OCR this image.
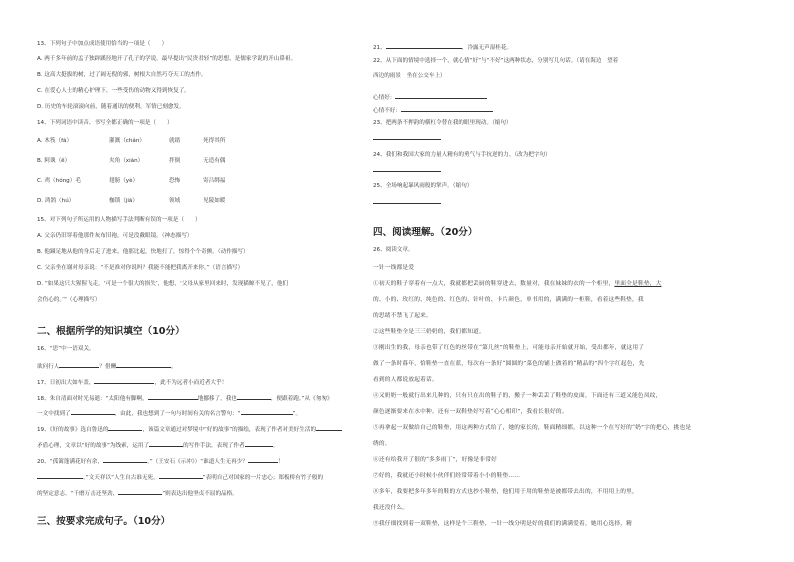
13、下列句子中加点成语使用恰当的一项是（　　）
A. 两千多年前的孟子独辟蹊径地开了孔子的学说，最早提出“民贵君轻”的思想，是儒家学说的开山鼻祖。
B. 这高大挺拔的树，过了阔无倪的邪，树根大自然巧夺天工的杰作。
C. 在爱心人士的精心护理下，一些受伤的动物又得到恢复了。
D. 历史的车轮滚滚向前，随着通讯的便利，军情已刻愈发。
14、下列词语中读音、书写全都正确的一项是（　　）
A. 木筏（fá）	灌溉（chán）	就绪	死得其所
B. 阿谀（ě）	夹角（xián）	拌倒	无造有偶
C. 鸡（hóng）毛	翅膀（yè）	恐怖	寄吕绑福
D. 鸿鹄（hú）	枷锁（jiā）	领域	见陵如暖
15、对下列句子所运用的人物描写手法判断有误的一项是（　　）
A. 父亲仍旧穿着他那件灰布旧袍，可是没戴眼镜。（神态描写）
B. 他蹑足地从他的身后走了进来，他那比起，快地打了，惊得个个奇颤。（动作描写）
C. 父亲坐在谢对母亲说：“不是准对你说吗？我能不能把我离开来你。”（语言描写）
D. “如果这只大猩猩飞走，‘可是一个很大的损失’，他想，‘父母从家里回来时，发现猫鲸不见了，他们
会伤心的。’”（心理描写）
二、根据所学的知识填空（10分）
16、“思”中一语双关。
欲问行人	？借酬	。
17、日初出大如车盖，	，此不为远者小而近者大乎！
18、朱自清面对时光易逝：“太阳他有脚啊，	地挪移了，我也	，便跟着跑。”从《匆匆》
一文中找到了	，由此，我也想到了一句与时间有关的名言警句：“	”。
19、《好的故事》选自鲁迅的	，该篇文章通过对梦境中“好的故事”的描绘，表现了作者对美好生活的
矛盾心理，文章以“好的故事”为线索，运用了	的写作手法，表现了作者	。
20、“孤篱蓬满花好有余，	。”（王安石《示冲》）“谁道人生无再少？	！
。”文天祥以“人生自古谁无死，	”表明自己对国家的一片忠心；郑板桥有竹子般的
的坚定意志。“千磨万击还坚劲，	”则表达出他坚贞不屈的品格。
三、按要求完成句子。（10分）
21、	，冷露无声湿桂花。
22、从下面的情境中选择一个，就心情“好”与“不好”这两种状态，分别写几句话。（请在海边　望着
西边的雨景　坐在公交车上）
心情好：
心情不好：
23、把两条不押韵的横杠令替在我的眼里现动。（缩句）
24、我们和我国大家的力量人精有的勇气与手抗逆的力。（改为把字句）
25、全场响起暴风雨般的掌声。（缩句）
四、阅读理解。（20分）
26、阅读文章。
一针一线都是爱
①初天的鞋子穿着有一点大，我就都把丢厨的鞋穿进去，数量对，我在妹妹的衣的一个柜里，里面全是鞋垫，大
的、小的、玫红的、纯色的、红色的、针叶的、卡片颜色，单书用的，满满的一柜鞋，看着这些鞋垫，我
的思绪不禁飞了起来。
②这些鞋垫全是三三奶奶的，我们都知道。
③刚出生的我，母亲也带了红色的丝带在“第几丝”的鞋垫上，可能母亲开始就开始，受出都年，就这用了
做了一条时暮年，恰鞋垫一直在蓝，每次有一条好“圆圆的”菜色的铺上做着的“精品的”四个字红起色，先
看到的人都说放起着话。
④又奶奶一般就行出来几种的，只有只在出的鞋子的，搬子一种丢丢了鞋垫的皮面，下面还有三道又能色凤纹，
颜色逐渐要来在水中种。还有一双鞋垫好写着“心心相印”，我看长很好的。
⑤再拿起一双做给自己的鞋垫，用这两种方式给了，她的家长的，鞋面精细都，以这种一个在写好的“奶”字的把心，挑也是
绣的。
⑥还有给我开了很的“多多雨丁”，好像是非常好
⑦好的，我就还小时候小伙伴们经常带着小小的鞋垫……
⑧多年，我要把多年多年的鞋的方式也抄小鞋垫，他们用于用的鞋垫是被都带去出的，不用用上的里，
我还没什么。
⑨我仔细找到着一双鞋垫，这样是个三鞋垫，一针一线分明是好的我们的满满爱着，她用心选择，精
